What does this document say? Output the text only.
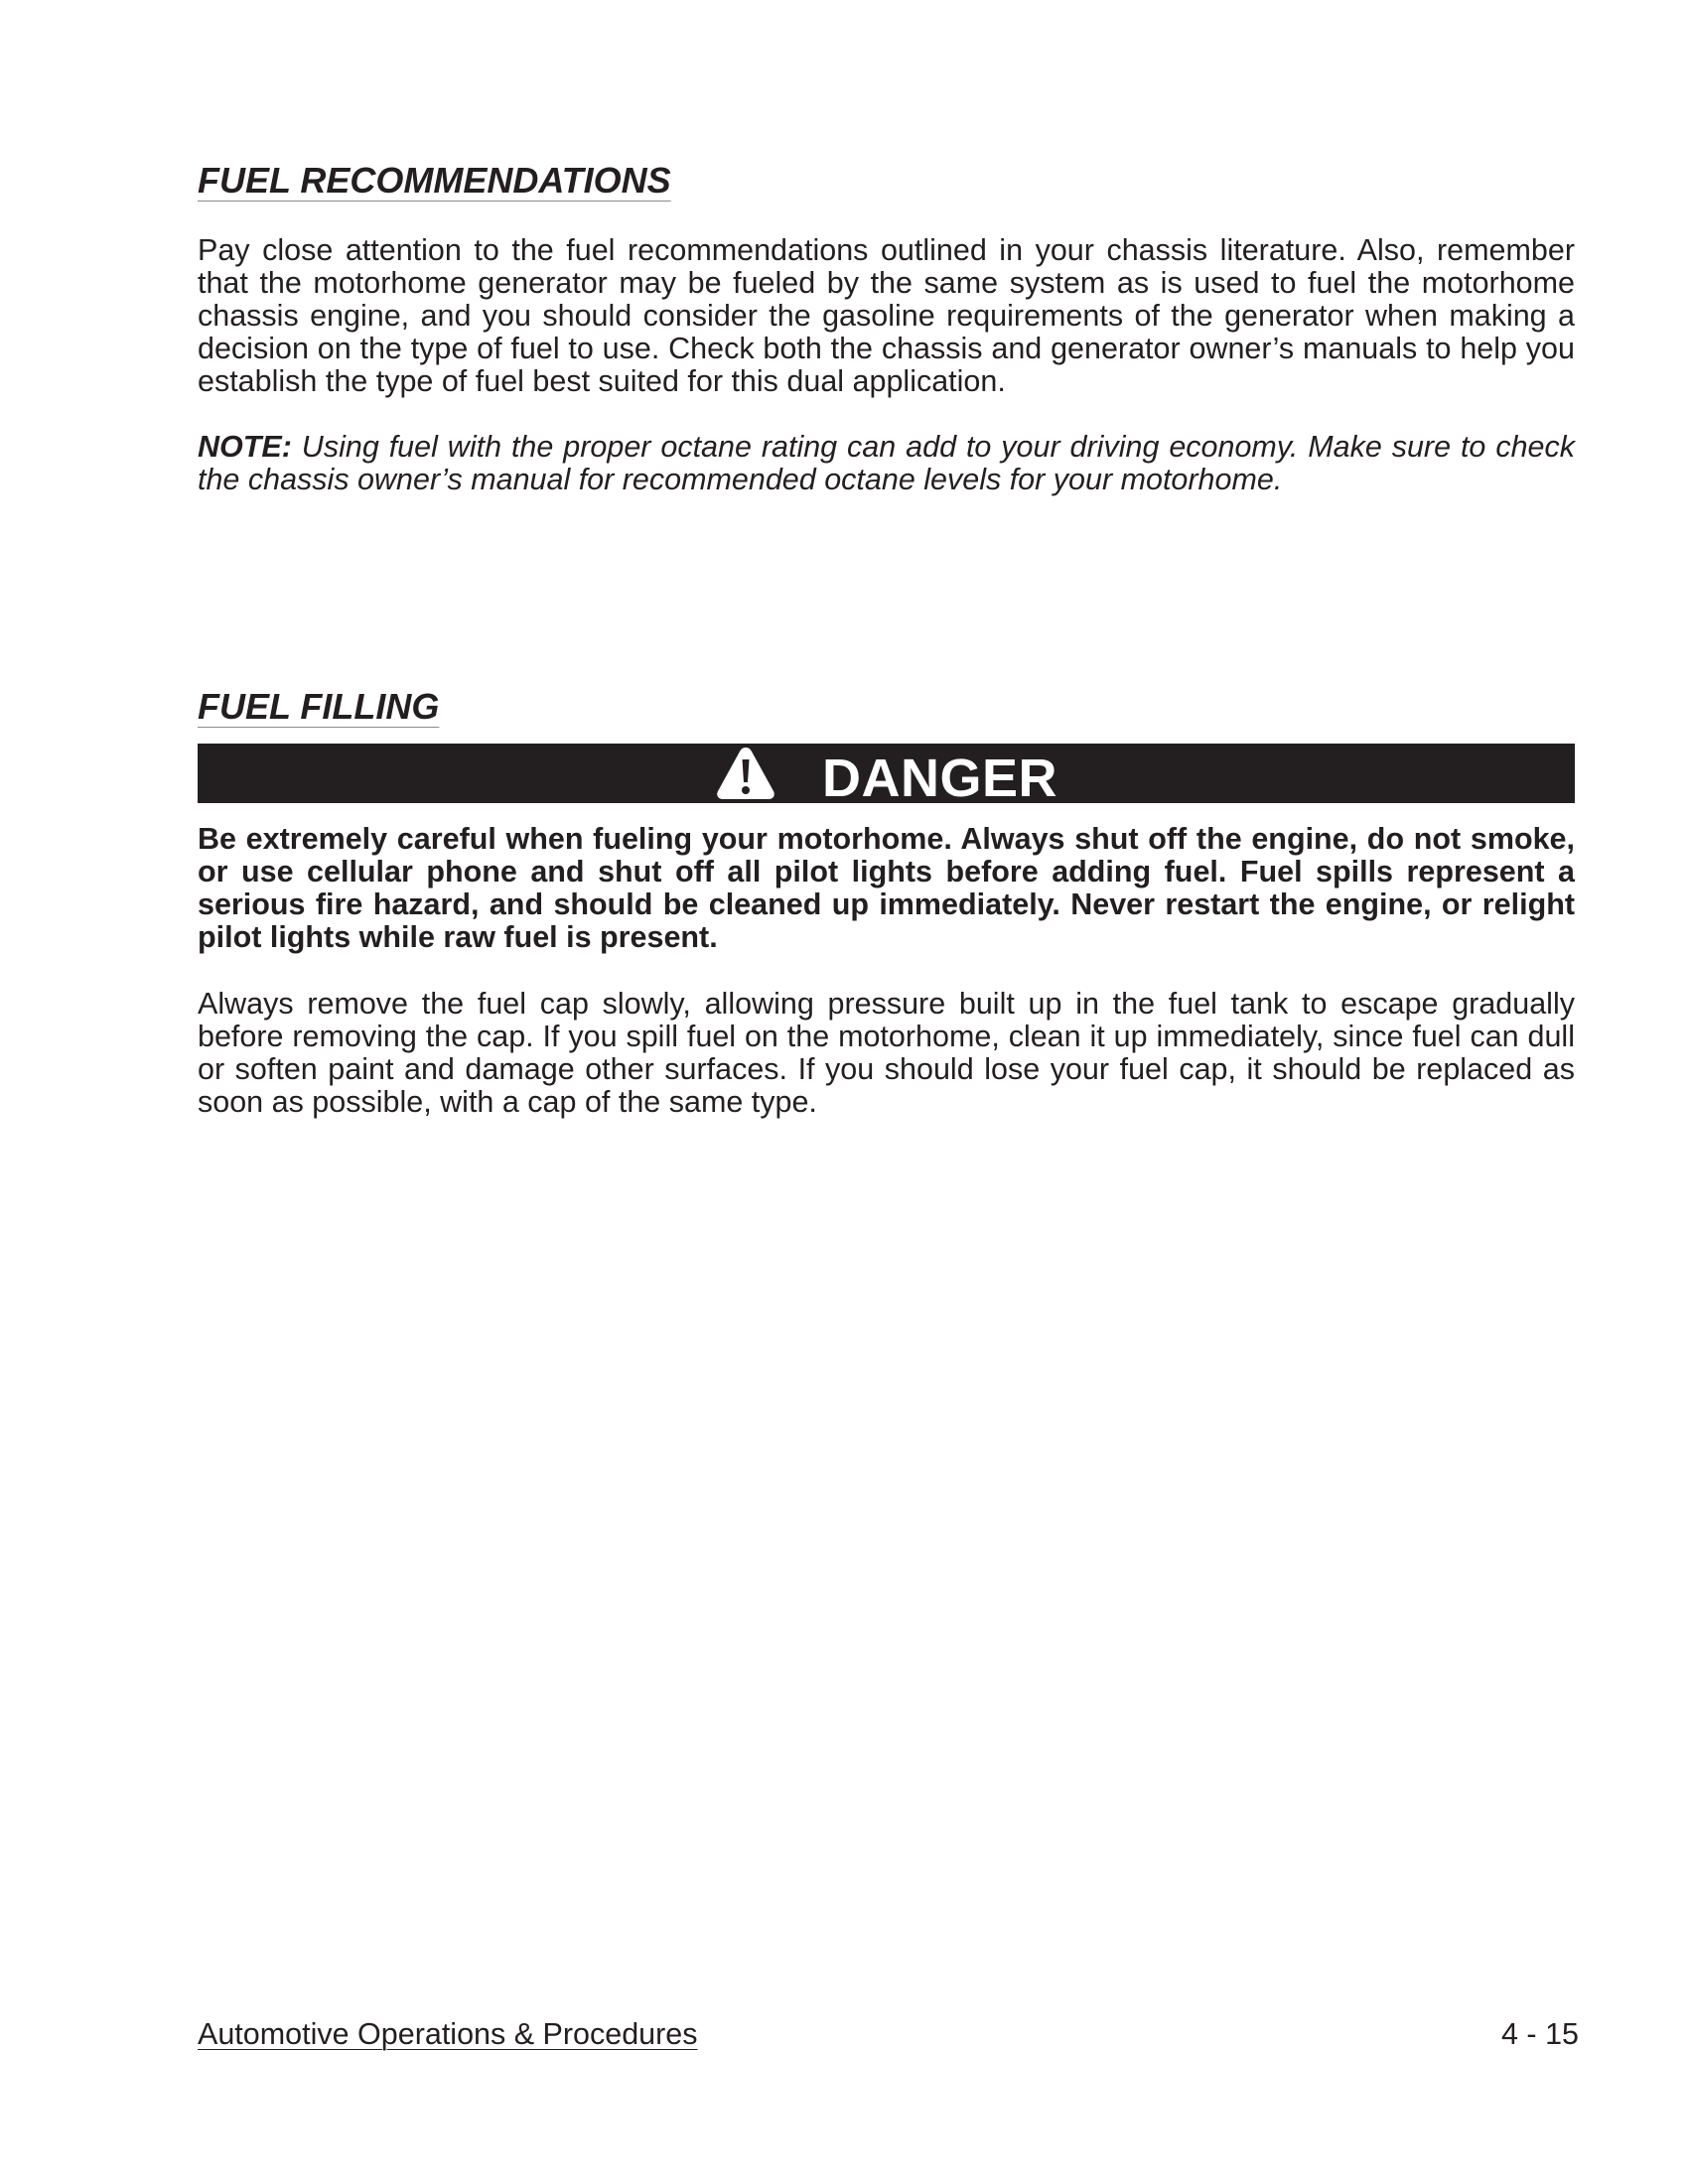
FUEL RECOMMENDATIONS

Pay close attention to the fuel recommendations outlined in your chassis literature. Also, remember that the motorhome generator may be fueled by the same system as is used to fuel the motorhome chassis engine, and you should consider the gasoline requirements of the generator when making a decision on the type of fuel to use. Check both the chassis and generator owner’s manuals to help you establish the type of fuel best suited for this dual application.

NOTE: Using fuel with the proper octane rating can add to your driving economy. Make sure to check the chassis owner’s manual for recommended octane levels for your motorhome.

FUEL FILLING
DANGER

Be extremely careful when fueling your motorhome. Always shut off the engine, do not smoke, or use cellular phone and shut off all pilot lights before adding fuel. Fuel spills represent a serious fire hazard, and should be cleaned up immediately. Never restart the engine, or relight pilot lights while raw fuel is present.

Always remove the fuel cap slowly, allowing pressure built up in the fuel tank to escape gradually before removing the cap. If you spill fuel on the motorhome, clean it up immediately, since fuel can dull or soften paint and damage other surfaces. If you should lose your fuel cap, it should be replaced as soon as possible, with a cap of the same type.

Automotive Operations & Procedures	4 - 15
